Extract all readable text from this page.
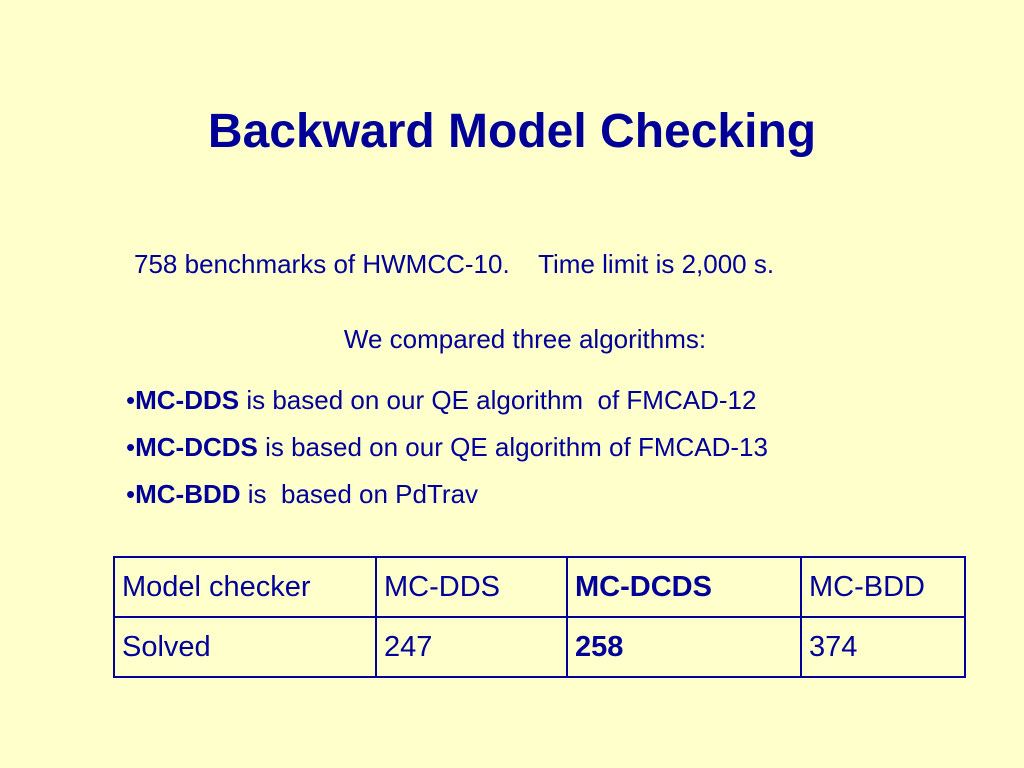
Backward Model Checking
758 benchmarks of HWMCC-10.    Time limit is 2,000 s.
We compared three algorithms:
•MC-DDS is based on our QE algorithm  of FMCAD-12
•MC-DCDS is based on our QE algorithm of FMCAD-13
•MC-BDD is  based on PdTrav
Model checker	MC-DDS	MC-DCDS	MC-BDD
Solved	247	258	374
